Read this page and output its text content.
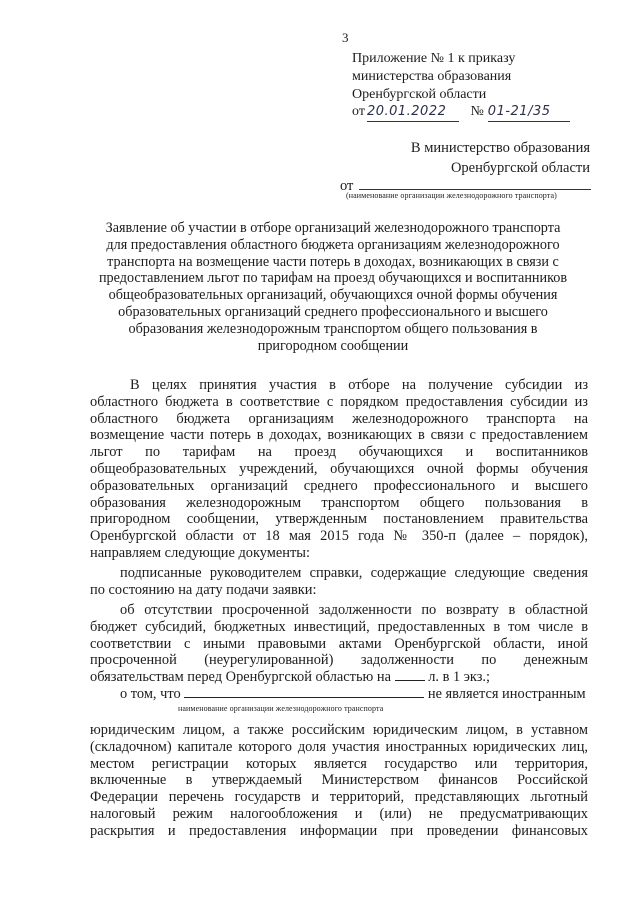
3
Приложение № 1 к приказу
министерства образования
Оренбургской области
от 20.01.2022 № 01-21/35
В министерство образования
Оренбургской области
от
(наименование организации железнодорожного транспорта)
Заявление об участии в отборе организаций железнодорожного транспорта
для предоставления областного бюджета организациям железнодорожного
транспорта на возмещение части потерь в доходах, возникающих в связи с
предоставлением льгот по тарифам на проезд обучающихся и воспитанников
общеобразовательных организаций, обучающихся очной формы обучения
образовательных организаций среднего профессионального и высшего
образования железнодорожным транспортом общего пользования в
пригородном сообщении
В целях принятия участия в отборе на получение субсидии из
областного бюджета в соответствие с порядком предоставления субсидии из
областного бюджета организациям железнодорожного транспорта на
возмещение части потерь в доходах, возникающих в связи с предоставлением
льгот по тарифам на проезд обучающихся и воспитанников
общеобразовательных учреждений, обучающихся очной формы обучения
образовательных организаций среднего профессионального и высшего
образования железнодорожным транспортом общего пользования в
пригородном сообщении, утвержденным постановлением правительства
Оренбургской области от 18 мая 2015 года № 350-п (далее – порядок),
направляем следующие документы:
подписанные руководителем справки, содержащие следующие сведения
по состоянию на дату подачи заявки:
об отсутствии просроченной задолженности по возврату в областной
бюджет субсидий, бюджетных инвестиций, предоставленных в том числе в
соответствии с иными правовыми актами Оренбургской области, иной
просроченной (неурегулированной) задолженности по денежным
обязательствам перед Оренбургской областью на	л. в 1 экз.;
о том, что	не является иностранным
наименование организации железнодорожного транспорта
юридическим лицом, а также российским юридическим лицом, в уставном
(складочном) капитале которого доля участия иностранных юридических лиц,
местом регистрации которых является государство или территория,
включенные в утверждаемый Министерством финансов Российской
Федерации перечень государств и территорий, представляющих льготный
налоговый режим налогообложения и (или) не предусматривающих
раскрытия и предоставления информации при проведении финансовых
